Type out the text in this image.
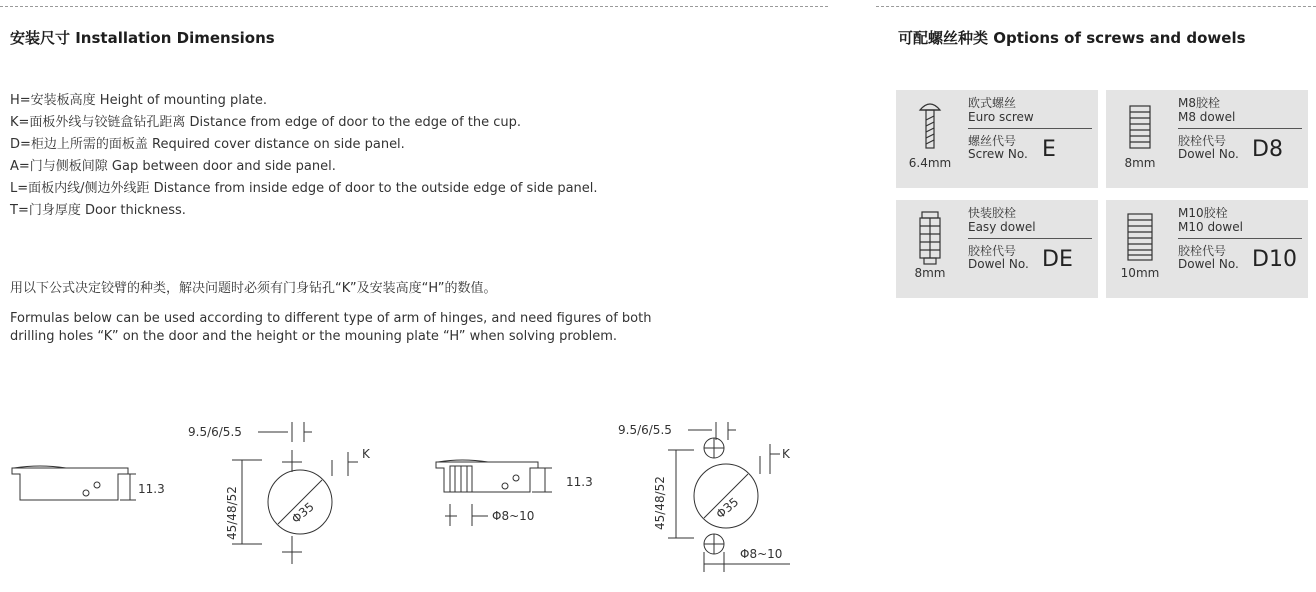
安装尺寸 Installation Dimensions
H=安装板高度 Height of mounting plate.
K=面板外线与铰链盒钻孔距离 Distance from edge of door to the edge of the cup.
D=柜边上所需的面板盖 Required cover distance on side panel.
A=门与侧板间隙 Gap between door and side panel.
L=面板内线/侧边外线距 Distance from inside edge of door to the outside edge of side panel.
T=门身厚度 Door thickness.
用以下公式决定铰臂的种类，解决问题时必须有门身钻孔“K”及安装高度“H”的数值。
Formulas below can be used according to different type of arm of hinges, and need figures of both
drilling holes “K” on the door and the height or the mouning plate “H” when solving problem.
11.3
9.5/6/5.5
Φ35
45/48/52
K
11.3
Φ8~10
9.5/6/5.5
Φ35
45/48/52
K
Φ8~10
可配螺丝种类 Options of screws and dowels
6.4mm
欧式螺丝
Euro screw
螺丝代号
Screw No. E
8mm
M8胶栓
M8 dowel
胶栓代号
Dowel No. D8
8mm
快装胶栓
Easy dowel
胶栓代号
Dowel No. DE
10mm
M10胶栓
M10 dowel
胶栓代号
Dowel No. D10
